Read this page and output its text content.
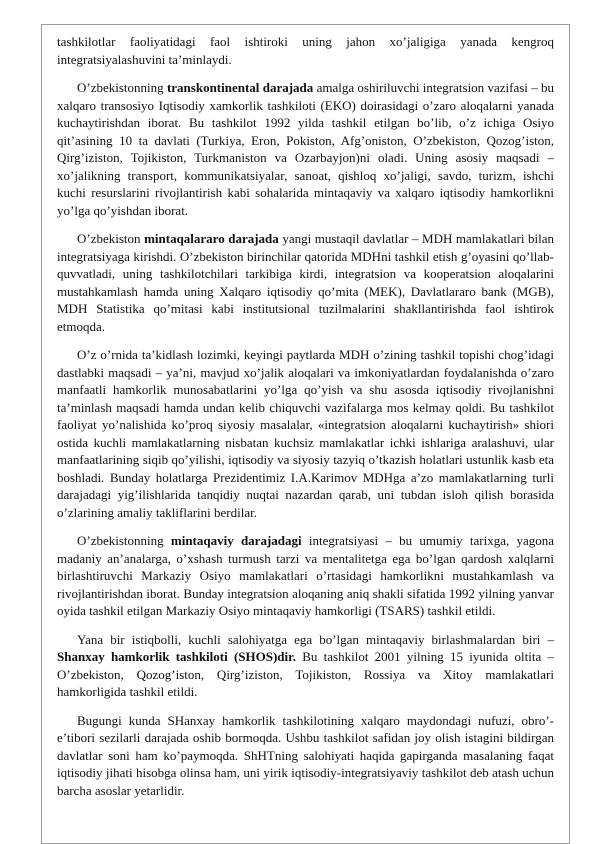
tashkilotlar faoliyatidagi faol ishtiroki uning jahon xo’jaligiga yanada kengroq integratsiyalashuvini ta’minlaydi.

O’zbekistonning transkontinental darajada amalga oshiriluvchi integratsion vazifasi – bu xalqaro transosiyo Iqtisodiy xamkorlik tashkiloti (EKO) doirasidagi o’zaro aloqalarni yanada kuchaytirishdan iborat. Bu tashkilot 1992 yilda tashkil etilgan bo’lib, o’z ichiga Osiyo qit’asining 10 ta davlati (Turkiya, Eron, Pokiston, Afg’oniston, O’zbekiston, Qozog’iston, Qirg’iziston, Tojikiston, Turkmaniston va Ozarbayjon)ni oladi. Uning asosiy maqsadi – xo’jalikning transport, kommunikatsiyalar, sanoat, qishloq xo’jaligi, savdo, turizm, ishchi kuchi resurslarini rivojlantirish kabi sohalarida mintaqaviy va xalqaro iqtisodiy hamkorlikni yo’lga qo’yishdan iborat.

O’zbekiston mintaqalararo darajada yangi mustaqil davlatlar – MDH mamlakatlari bilan integratsiyaga kirishdi. O’zbekiston birinchilar qatorida MDHni tashkil etish g’oyasini qo’llab-quvvatladi, uning tashkilotchilari tarkibiga kirdi, integratsion va kooperatsion aloqalarini mustahkamlash hamda uning Xalqaro iqtisodiy qo’mita (MEK), Davlatlararo bank (MGB), MDH Statistika qo’mitasi kabi institutsional tuzilmalarini shakllantirishda faol ishtirok etmoqda.

O’z o’rnida ta’kidlash lozimki, keyingi paytlarda MDH o’zining tashkil topishi chog’idagi dastlabki maqsadi – ya’ni, mavjud xo’jalik aloqalari va imkoniyatlardan foydalanishda o’zaro manfaatli hamkorlik munosabatlarini yo’lga qo’yish va shu asosda iqtisodiy rivojlanishni ta’minlash maqsadi hamda undan kelib chiquvchi vazifalarga mos kelmay qoldi. Bu tashkilot faoliyat yo’nalishida ko’proq siyosiy masalalar, «integratsion aloqalarni kuchaytirish» shiori ostida kuchli mamlakatlarning nisbatan kuchsiz mamlakatlar ichki ishlariga aralashuvi, ular manfaatlarining siqib qo’yilishi, iqtisodiy va siyosiy tazyiq o’tkazish holatlari ustunlik kasb eta boshladi. Bunday holatlarga Prezidentimiz I.A.Karimov MDHga a’zo mamlakatlarning turli darajadagi yig’ilishlarida tanqidiy nuqtai nazardan qarab, uni tubdan isloh qilish borasida o’zlarining amaliy takliflarini berdilar.

O’zbekistonning mintaqaviy darajadagi integratsiyasi – bu umumiy tarixga, yagona madaniy an’analarga, o’xshash turmush tarzi va mentalitetga ega bo’lgan qardosh xalqlarni birlashtiruvchi Markaziy Osiyo mamlakatlari o’rtasidagi hamkorlikni mustahkamlash va rivojlantirishdan iborat. Bunday integratsion aloqaning aniq shakli sifatida 1992 yilning yanvar oyida tashkil etilgan Markaziy Osiyo mintaqaviy hamkorligi (TSARS) tashkil etildi.

Yana bir istiqbolli, kuchli salohiyatga ega bo’lgan mintaqaviy birlashmalardan biri – Shanxay hamkorlik tashkiloti (SHOS)dir. Bu tashkilot 2001 yilning 15 iyunida oltita – O’zbekiston, Qozog’iston, Qirg’iziston, Tojikiston, Rossiya va Xitoy mamlakatlari hamkorligida tashkil etildi.

Bugungi kunda SHanxay hamkorlik tashkilotining xalqaro maydondagi nufuzi, obro’-e’tibori sezilarli darajada oshib bormoqda. Ushbu tashkilot safidan joy olish istagini bildirgan davlatlar soni ham ko’paymoqda. ShHTning salohiyati haqida gapirganda masalaning faqat iqtisodiy jihati hisobga olinsa ham, uni yirik iqtisodiy-integratsiyaviy tashkilot deb atash uchun barcha asoslar yetarlidir.
